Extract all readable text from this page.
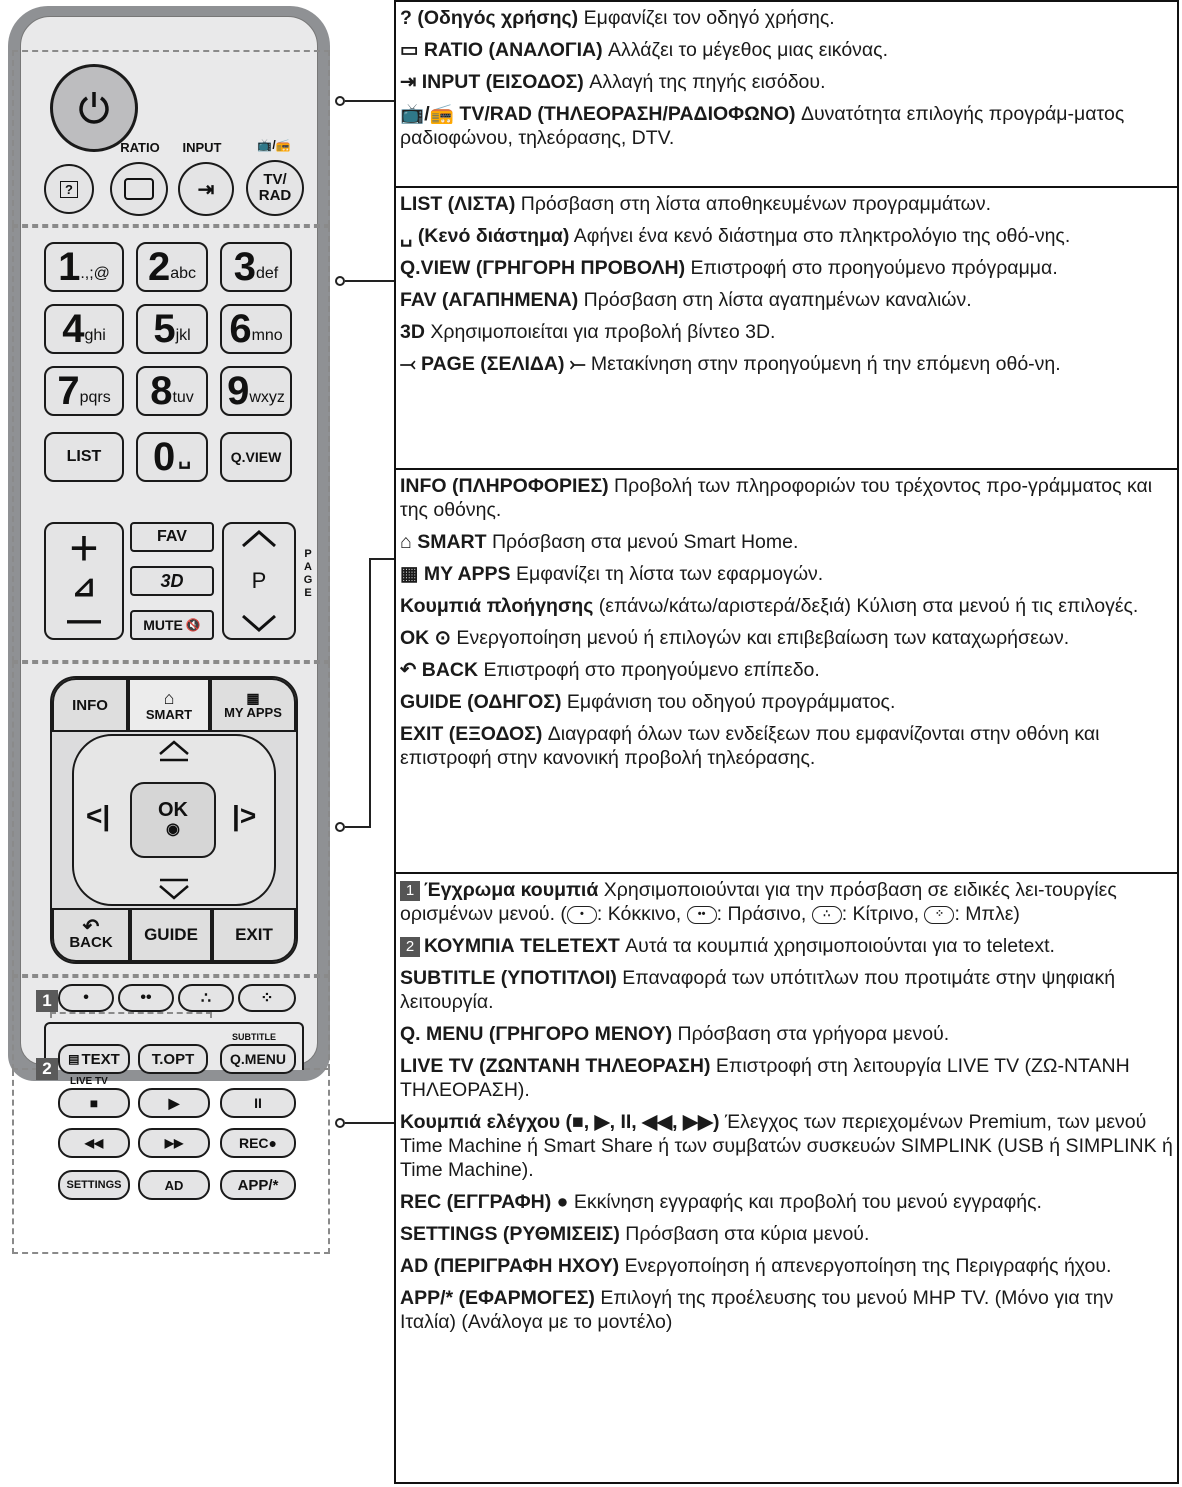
RATIO	INPUT	📺/📻
?	⇥	TV/
RAD
1 .,;@ 2 abc 3 def
4 ghi 5 jkl 6 mno
7 pqrs 8 tuv 9 wxyz
LIST 0 ␣	Q.VIEW
+
⊿
—
FAV
3D
MUTE 🔇
P
PAGE
INFO	⌂
SMART
▦
MY APPS
<|	|>
OK
◉
↶
BACK GUIDE EXIT
1	•	••	∴	⁘
SUBTITLE
2	▤ TEXT	T.OPT	Q.MENU
LIVE TV

? (Οδηγός χρήσης) Εμφανίζει τον οδηγό χρήσης.

▭ RATIO (ΑΝΑΛΟΓΙΑ) Αλλάζει το μέγεθος μιας εικόνας.

⇥ INPUT (ΕΙΣΟΔΟΣ) Αλλαγή της πηγής εισόδου.

📺/📻 TV/RAD (ΤΗΛΕΟΡΑΣΗ/ΡΑΔΙΟΦΩΝΟ) Δυνατότητα επιλογής προγράμ-ματος ραδιοφώνου, τηλεόρασης, DTV.

LIST (ΛΙΣΤΑ) Πρόσβαση στη λίστα αποθηκευμένων προγραμμάτων.

␣ (Κενό διάστημα) Αφήνει ένα κενό διάστημα στο πληκτρολόγιο της οθό-νης.

Q.VIEW (ΓΡΗΓΟΡΗ ΠΡΟΒΟΛΗ) Επιστροφή στο προηγούμενο πρόγραμμα.

FAV (ΑΓΑΠΗΜΕΝΑ) Πρόσβαση στη λίστα αγαπημένων καναλιών.

3D Χρησιμοποιείται για προβολή βίντεο 3D.

⤙ PAGE (ΣΕΛΙΔΑ) ⤚ Μετακίνηση στην προηγούμενη ή την επόμενη οθό-νη.

INFO (ΠΛΗΡΟΦΟΡΙΕΣ) Προβολή των πληροφοριών του τρέχοντος προ-γράμματος και της οθόνης.

⌂ SMART Πρόσβαση στα μενού Smart Home.

▦ MY APPS Εμφανίζει τη λίστα των εφαρμογών.

Κουμπιά πλοήγησης (επάνω/κάτω/αριστερά/δεξιά) Κύλιση στα μενού ή τις επιλογές.

OK ⊙ Ενεργοποίηση μενού ή επιλογών και επιβεβαίωση των καταχωρήσεων.

↶ BACK Επιστροφή στο προηγούμενο επίπεδο.

GUIDE (ΟΔΗΓΟΣ) Εμφάνιση του οδηγού προγράμματος.

EXIT (ΕΞΟΔΟΣ) Διαγραφή όλων των ενδείξεων που εμφανίζονται στην οθόνη και επιστροφή στην κανονική προβολή τηλεόρασης.

1 Έγχρωμα κουμπιά Χρησιμοποιούνται για την πρόσβαση σε ειδικές λει-τουργίες ορισμένων μενού. ( • : Κόκκινο, •• : Πράσινο, ∴ : Κίτρινο, ⁘ : Μπλε)

2 ΚΟΥΜΠΙΑ TELETEXT Αυτά τα κουμπιά χρησιμοποιούνται για το teletext.

SUBTITLE (ΥΠΟΤΙΤΛΟΙ) Επαναφορά των υπότιτλων που προτιμάτε στην ψηφιακή λειτουργία.

Q. MENU (ΓΡΗΓΟΡΟ ΜΕΝΟΥ) Πρόσβαση στα γρήγορα μενού.

LIVE TV (ΖΩΝΤΑΝΗ ΤΗΛΕΟΡΑΣΗ) Επιστροφή στη λειτουργία LIVE TV (ΖΩ-ΝΤΑΝΗ ΤΗΛΕΟΡΑΣΗ).

Κουμπιά ελέγχου (■, ▶, II, ◀◀, ▶▶) Έλεγχος των περιεχομένων Premium, των μενού Time Machine ή Smart Share ή των συμβατών συσκευών SIMPLINK (USB ή SIMPLINK ή Time Machine).

REC (ΕΓΓΡΑΦΗ) ● Εκκίνηση εγγραφής και προβολή του μενού εγγραφής.

SETTINGS (ΡΥΘΜΙΣΕΙΣ) Πρόσβαση στα κύρια μενού.

AD (ΠΕΡΙΓΡΑΦΗ ΗΧΟΥ) Ενεργοποίηση ή απενεργοποίηση της Περιγραφής ήχου.

APP/* (ΕΦΑΡΜΟΓΕΣ) Επιλογή της προέλευσης του μενού MHP TV. (Μόνο για την Ιταλία) (Ανάλογα με το μοντέλο)

■	▶	II
◀◀	▶▶	REC●
SETTINGS	AD	APP/*
